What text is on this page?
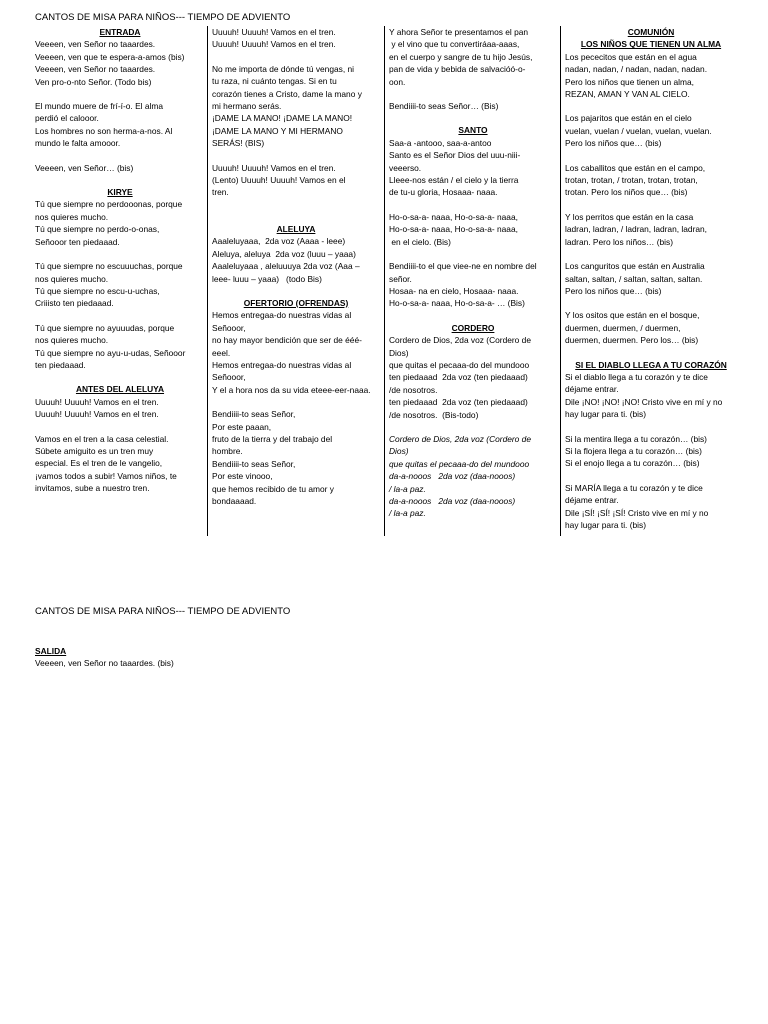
CANTOS DE MISA PARA NIÑOS--- TIEMPO DE ADVIENTO

ENTRADA

Veeeen, ven Señor no taaardes.

Veeeen, ven que te espera-a-amos (bis)

Veeeen, ven Señor no taaardes.

Ven pro-o-nto Señor. (Todo bis)

El mundo muere de frí-í-o. El alma

perdió el calooor.

Los hombres no son herma-a-nos. Al

mundo le falta amooor.

Veeeen, ven Señor… (bis)

KIRYE

Tú que siempre no perdooonas, porque

nos quieres mucho.

Tú que siempre no perdo-o-onas,

Señooor ten piedaaad.

Tú que siempre no escuuuchas, porque

nos quieres mucho.

Tú que siempre no escu-u-uchas,

Criiisto ten piedaaad.

Tú que siempre no ayuuudas, porque

nos quieres mucho.

Tú que siempre no ayu-u-udas, Señooor

ten piedaaad.

ANTES DEL ALELUYA

Uuuuh! Uuuuh! Vamos en el tren.

Uuuuh! Uuuuh! Vamos en el tren.

Vamos en el tren a la casa celestial.

Súbete amiguito es un tren muy

especial. Es el tren de le vangelio,

¡vamos todos a subir! Vamos niños, te

invitamos, sube a nuestro tren.

Uuuuh! Uuuuh! Vamos en el tren.

Uuuuh! Uuuuh! Vamos en el tren.

No me importa de dónde tú vengas, ni

tu raza, ni cuánto tengas. Si en tu

corazón tienes a Cristo, dame la mano y

mi hermano serás.

¡DAME LA MANO! ¡DAME LA MANO!

¡DAME LA MANO Y MI HERMANO

SERÁS! (BIS)

Uuuuh! Uuuuh! Vamos en el tren.

(Lento) Uuuuh! Uuuuh! Vamos en el

tren.

ALELUYA

Aaaleluyaaa,  2da voz (Aaaa - leee)

Aleluya, aleluya  2da voz (luuu – yaaa)

Aaaleluyaaa , aleluuuya 2da voz (Aaa –

leee- luuu – yaaa)   (todo Bis)

OFERTORIO (OFRENDAS)

Hemos entregaa-do nuestras vidas al

Señooor,

no hay mayor bendición que ser de ééé-

eeel.

Hemos entregaa-do nuestras vidas al

Señooor,

Y el a hora nos da su vida eteee-eer-naaa.

Bendiiii-to seas Señor,

Por este paaan,

fruto de la tierra y del trabajo del

hombre.

Bendiiii-to seas Señor,

Por este vinooo,

que hemos recibido de tu amor y

bondaaaad.

Y ahora Señor te presentamos el pan

y el vino que tu convertiráaa-aaas,

en el cuerpo y sangre de tu hijo Jesús,

pan de vida y bebida de salvacióó-o-

oon.

Bendiiii-to seas Señor… (Bis)

SANTO

Saa-a -antooo, saa-a-antoo

Santo es el Señor Dios del uuu-niii-

veeerso.

Lleee-nos están / el cielo y la tierra

de tu-u gloria, Hosaaa- naaa.

Ho-o-sa-a- naaa, Ho-o-sa-a- naaa,

Ho-o-sa-a- naaa, Ho-o-sa-a- naaa,

en el cielo. (Bis)

Bendiiii-to el que viee-ne en nombre del

señor.

Hosaa- na en cielo, Hosaaa- naaa.

Ho-o-sa-a- naaa, Ho-o-sa-a- … (Bis)

CORDERO

Cordero de Dios, 2da voz (Cordero de

Dios)

que quitas el pecaaa-do del mundooo

ten piedaaad  2da voz (ten piedaaad)

/de nosotros.

ten piedaaad  2da voz (ten piedaaad)

/de nosotros.  (Bis-todo)

Cordero de Dios, 2da voz (Cordero de

Dios)

que quitas el pecaaa-do del mundooo

da-a-nooos   2da voz (daa-nooos)

/ la-a paz.

da-a-nooos   2da voz (daa-nooos)

/ la-a paz.

COMUNIÓN

LOS NIÑOS QUE TIENEN UN ALMA

Los pececitos que están en el agua

nadan, nadan, / nadan, nadan, nadan.

Pero los niños que tienen un alma,

REZAN, AMAN Y VAN AL CIELO.

Los pajaritos que están en el cielo

vuelan, vuelan / vuelan, vuelan, vuelan.

Pero los niños que… (bis)

Los caballitos que están en el campo,

trotan, trotan, / trotan, trotan, trotan,

trotan. Pero los niños que… (bis)

Y los perritos que están en la casa

ladran, ladran, / ladran, ladran, ladran,

ladran. Pero los niños… (bis)

Los canguritos que están en Australia

saltan, saltan, / saltan, saltan, saltan.

Pero los niños que… (bis)

Y los ositos que están en el bosque,

duermen, duermen, / duermen,

duermen, duermen. Pero los… (bis)

SI EL DIABLO LLEGA A TU CORAZÓN

Si el diablo llega a tu corazón y te dice

déjame entrar.

Dile ¡NO! ¡NO! ¡NO! Cristo vive en mí y no

hay lugar para ti. (bis)

Si la mentira llega a tu corazón… (bis)

Si la flojera llega a tu corazón… (bis)

Si el enojo llega a tu corazón… (bis)

Si MARÍA llega a tu corazón y te dice

déjame entrar.

Dile ¡SÍ! ¡SÍ! ¡SÍ! Cristo vive en mí y no

hay lugar para ti. (bis)

CANTOS DE MISA PARA NIÑOS--- TIEMPO DE ADVIENTO
SALIDA
Veeeen, ven Señor no taaardes. (bis)
